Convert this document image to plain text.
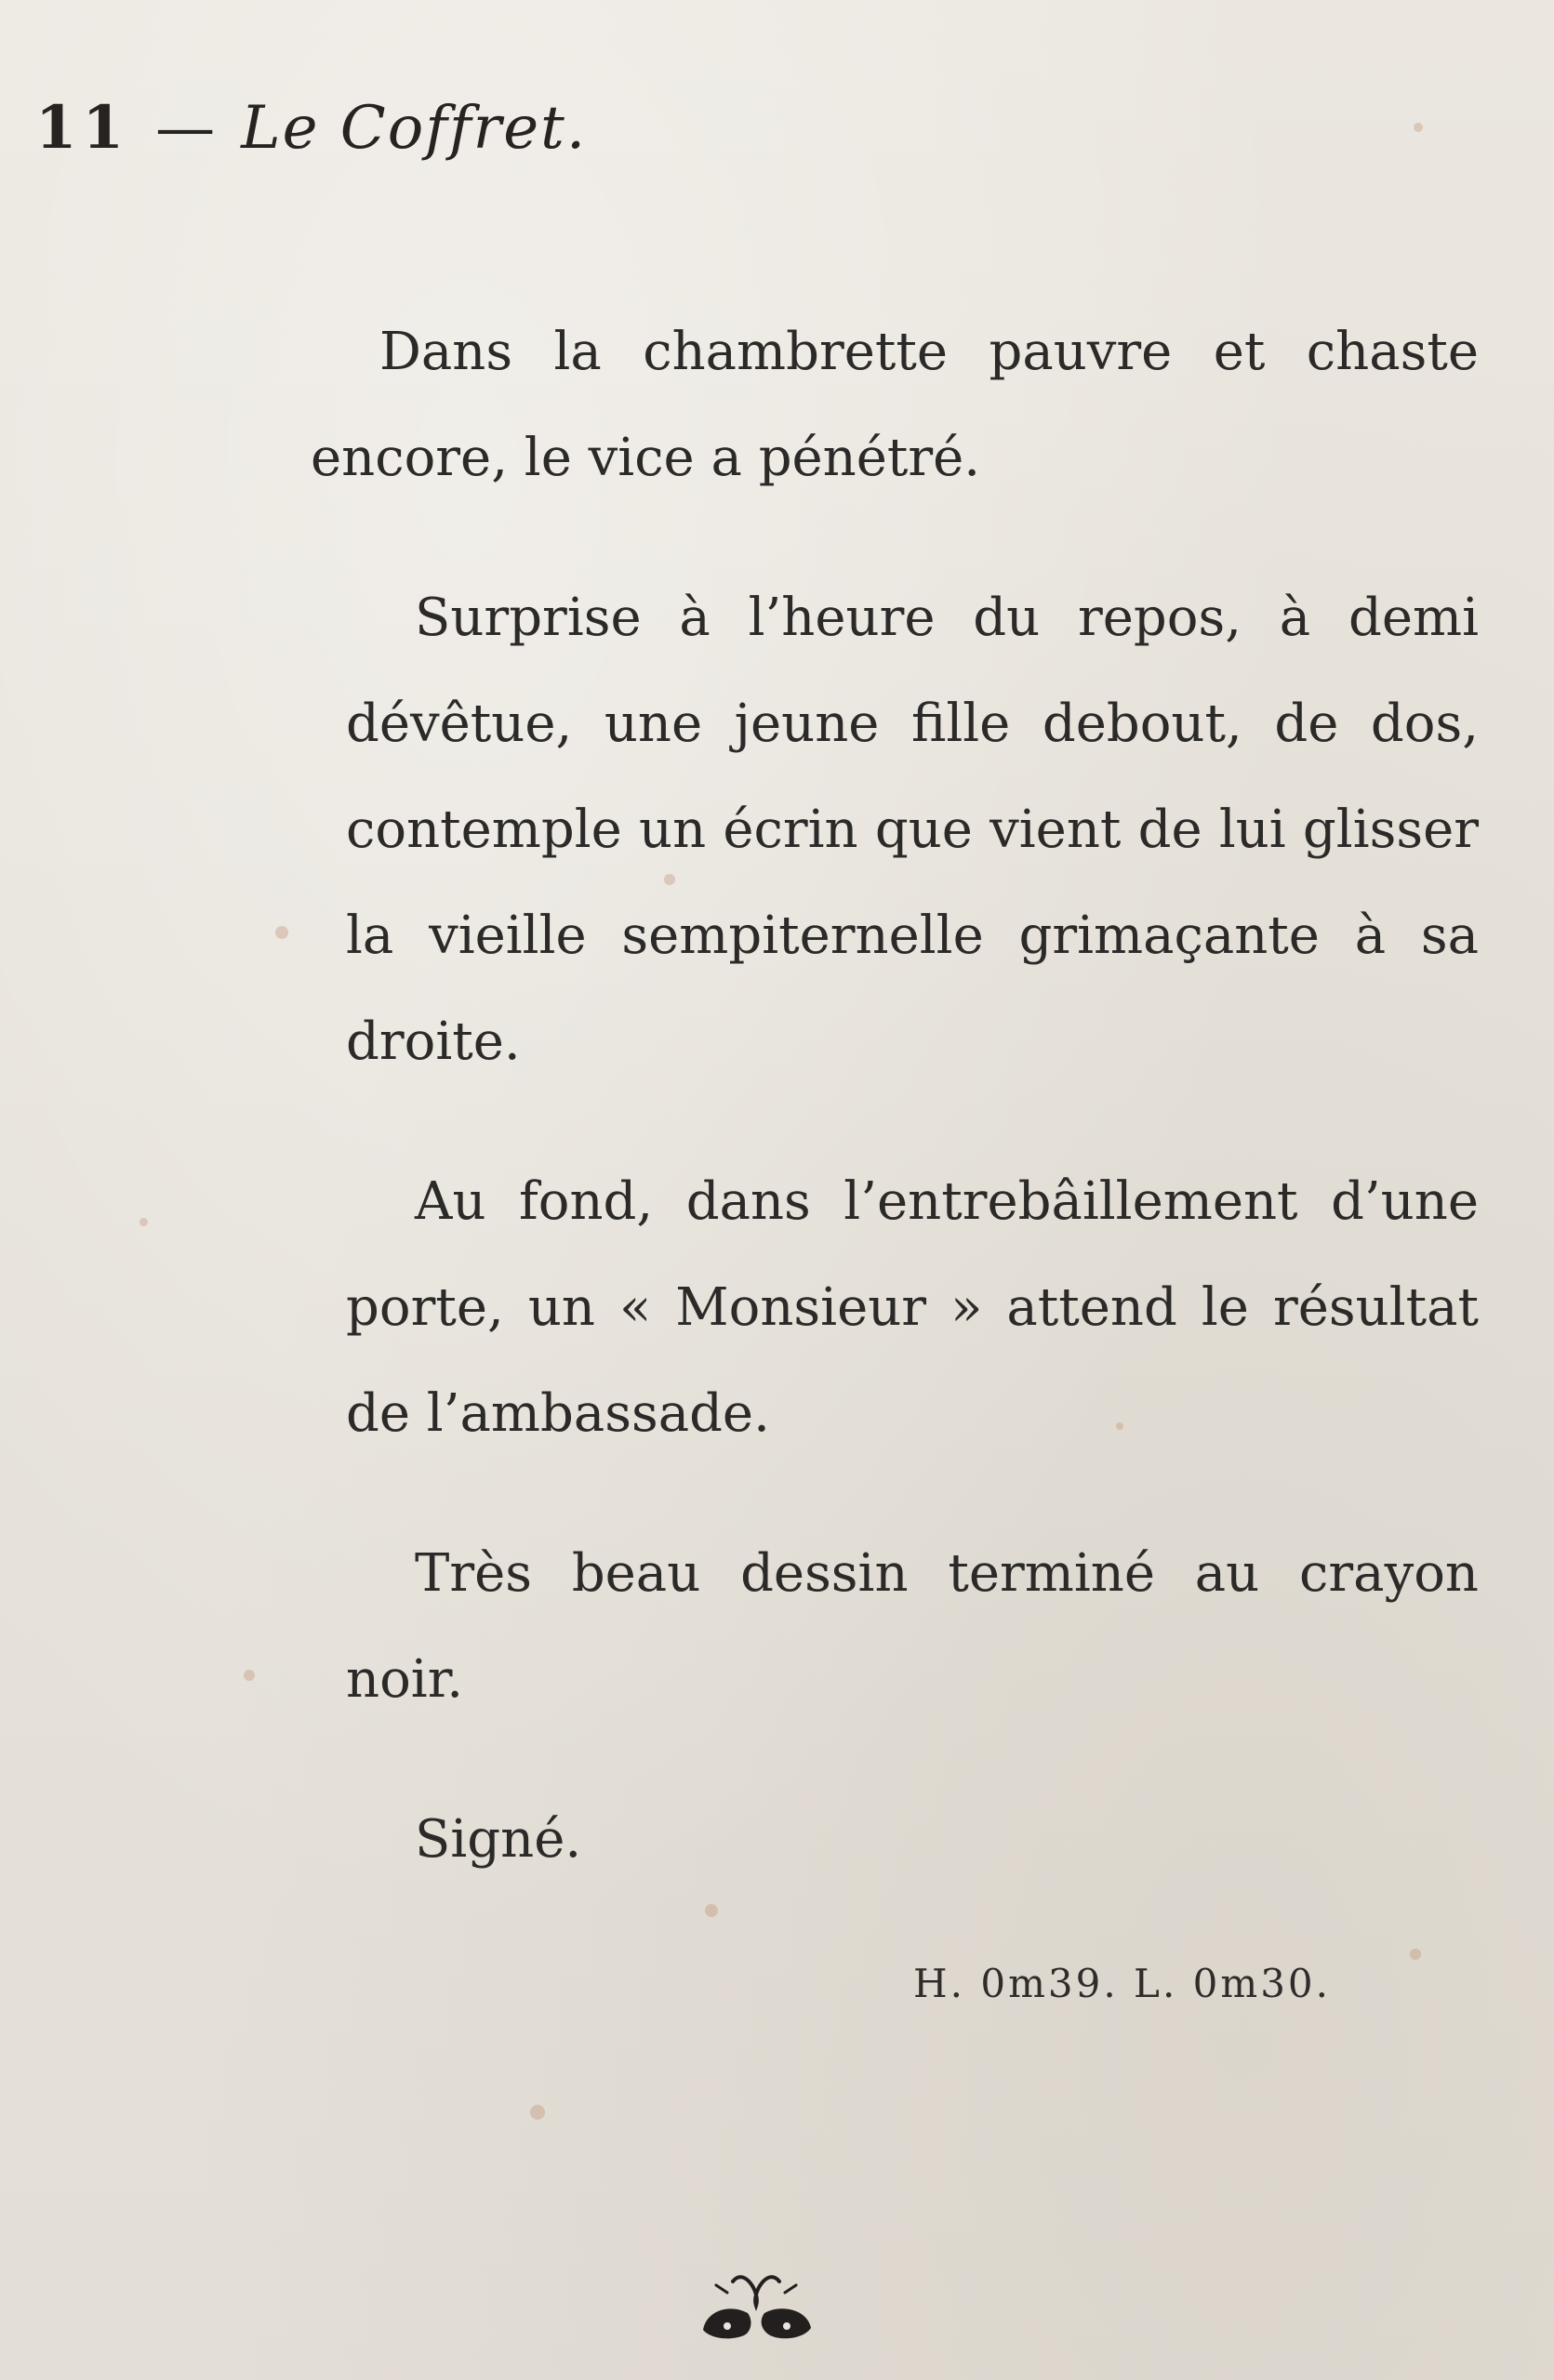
11 — Le Coffret.

Dans la chambrette pauvre et chaste encore, le vice a pénétré.

Surprise à l’heure du repos, à demi dévêtue, une jeune fille debout, de dos, contemple un écrin que vient de lui glisser la vieille sempiternelle grimaçante à sa droite.

Au fond, dans l’entrebâillement d’une porte, un « Monsieur » attend le résultat de l’ambassade.

Très beau dessin terminé au crayon noir.

Signé.

H. 0m39. L. 0m30.
